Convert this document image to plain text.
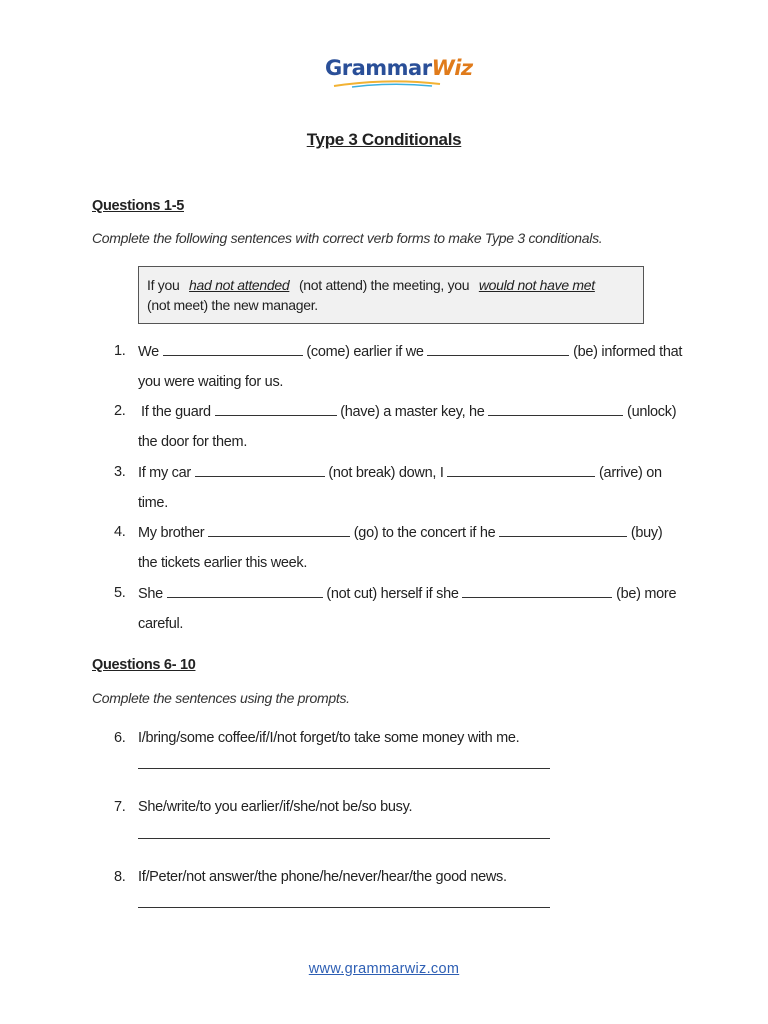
GrammarWiz
Type 3 Conditionals
Questions 1-5
Complete the following sentences with correct verb forms to make Type 3 conditionals.
If you had not attended (not attend) the meeting, you would not have met
(not meet) the new manager.
1. We	(come) earlier if we	(be) informed that
you were waiting for us.
2. If the guard	(have) a master key, he	(unlock)
the door for them.
3. If my car	(not break) down, I	(arrive) on
time.
4. My brother	(go) to the concert if he	(buy)
the tickets earlier this week.
5. She	(not cut) herself if she	(be) more
careful.
Questions 6- 10
Complete the sentences using the prompts.
6. I/bring/some coffee/if/I/not forget/to take some money with me.
7. She/write/to you earlier/if/she/not be/so busy.
8. If/Peter/not answer/the phone/he/never/hear/the good news.
www.grammarwiz.com
